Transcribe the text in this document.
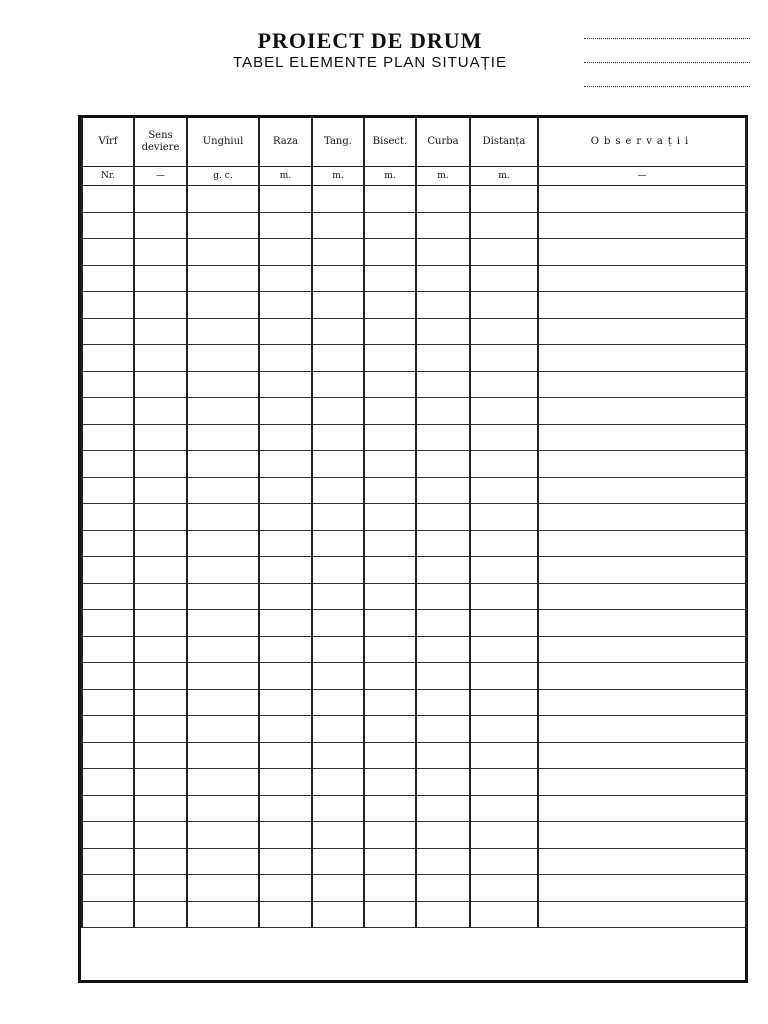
PROIECT DE DRUM
TABEL ELEMENTE PLAN SITUAȚIE
Vîrf	Sens deviere	Unghiul	Raza	Tang.	Bisect.	Curba	Distanța	Observații
Nr.	—	g. c.	m.	m.	m.	m.	m.	—
